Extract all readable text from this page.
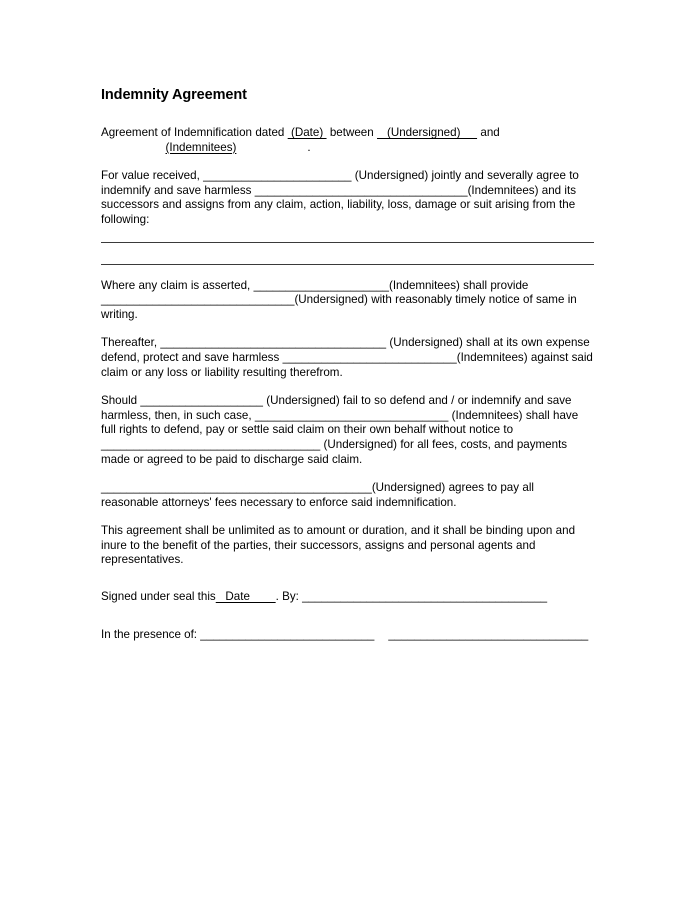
Indemnity Agreement

Agreement of Indemnification dated  (Date)  between    (Undersigned)      and
(Indemnitees)	.

For value received, _______________________ (Undersigned) jointly and severally agree to indemnify and save harmless _________________________________(Indemnitees) and its successors and assigns from any claim, action, liability, loss, damage or suit arising from the following:

Where any claim is asserted, _____________________(Indemnitees) shall provide ______________________________(Undersigned) with reasonably timely notice of same in writing.

Thereafter, ___________________________________ (Undersigned) shall at its own expense defend, protect and save harmless ___________________________(Indemnitees) against said claim or any loss or liability resulting therefrom.

Should ___________________ (Undersigned) fail to so defend and / or indemnify and save harmless, then, in such case, ______________________________ (Indemnitees) shall have full rights to defend, pay or settle said claim on their own behalf without notice to __________________________________ (Undersigned) for all fees, costs, and payments made or agreed to be paid to discharge said claim.

__________________________________________(Undersigned) agrees to pay all reasonable attorneys' fees necessary to enforce said indemnification.

This agreement shall be unlimited as to amount or duration, and it shall be binding upon and inure to the benefit of the parties, their successors, assigns and personal agents and representatives.

Signed under seal this   Date        . By: ______________________________________
In the presence of: ___________________________ _______________________________
